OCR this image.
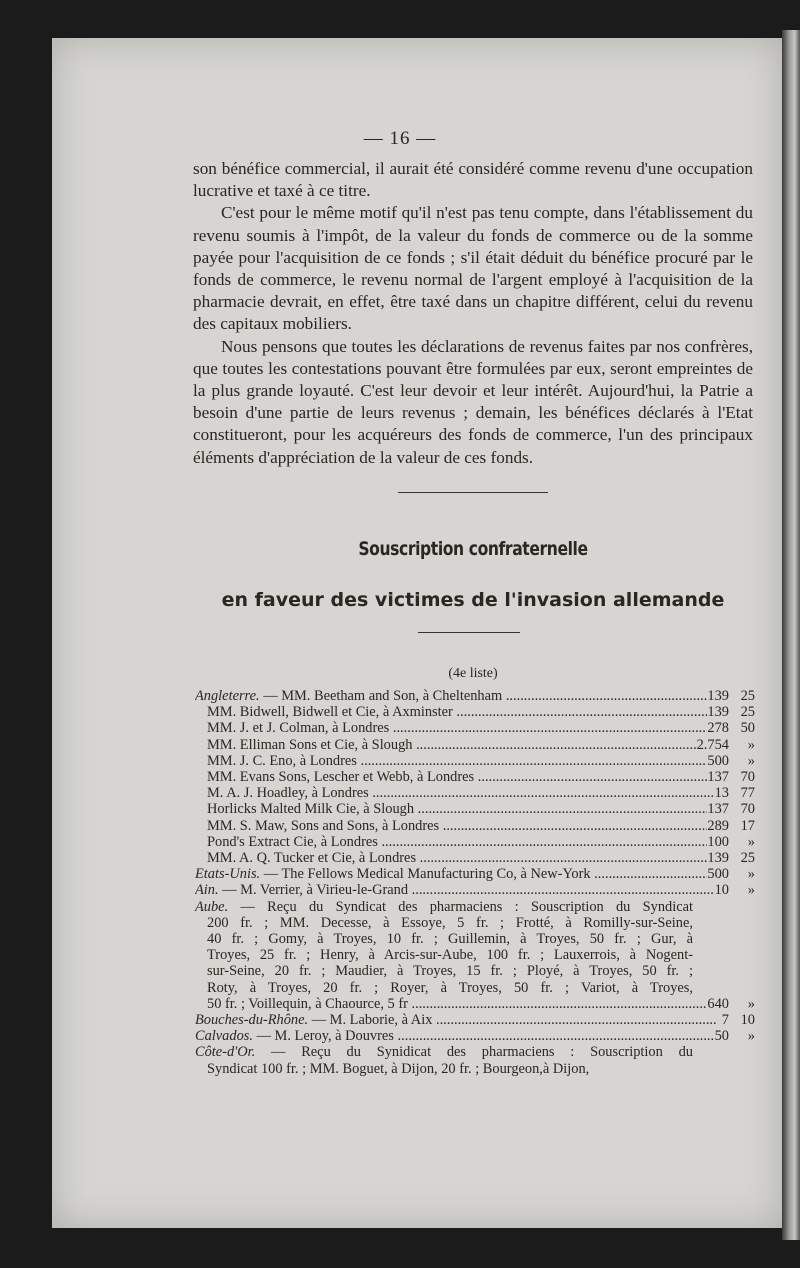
— 16 —

son bénéfice commercial, il aurait été considéré comme revenu d'une occupation lucrative et taxé à ce titre.

C'est pour le même motif qu'il n'est pas tenu compte, dans l'établissement du revenu soumis à l'impôt, de la valeur du fonds de commerce ou de la somme payée pour l'acquisition de ce fonds ; s'il était déduit du bénéfice procuré par le fonds de commerce, le revenu normal de l'argent employé à l'acquisition de la pharmacie devrait, en effet, être taxé dans un chapitre différent, celui du revenu des capitaux mobiliers.

Nous pensons que toutes les déclarations de revenus faites par nos confrères, que toutes les contestations pouvant être formulées par eux, seront empreintes de la plus grande loyauté. C'est leur devoir et leur intérêt. Aujourd'hui, la Patrie a besoin d'une partie de leurs revenus ; demain, les bénéfices déclarés à l'Etat constitueront, pour les acquéreurs des fonds de commerce, l'un des principaux éléments d'appréciation de la valeur de ces fonds.

Souscription confraternelle
en faveur des victimes de l'invasion allemande
(4e liste)
Angleterre. — MM. Beetham and Son, à Cheltenham .....	139 25
MM. Bidwell, Bidwell et Cie, à Axminster .....	139 25
MM. J. et J. Colman, à Londres .....	278 50
MM. Elliman Sons et Cie, à Slough .....	2.754 »
MM. J. C. Eno, à Londres .....	500 »
MM. Evans Sons, Lescher et Webb, à Londres .....	137 70
M. A. J. Hoadley, à Londres .....	13 77
Horlicks Malted Milk Cie, à Slough .....	137 70
MM. S. Maw, Sons and Sons, à Londres .....	289 17
Pond's Extract Cie, à Londres .....	100 »
MM. A. Q. Tucker et Cie, à Londres .....	139 25
Etats-Unis. — The Fellows Medical Manufacturing Co, à New-York .....	500 »
Ain. — M. Verrier, à Virieu-le-Grand .....	10 »
Aube. — Reçu du Syndicat des pharmaciens : Souscription du Syndicat
200 fr. ; MM. Decesse, à Essoye, 5 fr. ; Frotté, à Romilly-sur-Seine,
40 fr. ; Gomy, à Troyes, 10 fr. ; Guillemin, à Troyes, 50 fr. ; Gur, à
Troyes, 25 fr. ; Henry, à Arcis-sur-Aube, 100 fr. ; Lauxerrois, à Nogent-
sur-Seine, 20 fr. ; Maudier, à Troyes, 15 fr. ; Ployé, à Troyes, 50 fr. ;
Roty, à Troyes, 20 fr. ; Royer, à Troyes, 50 fr. ; Variot, à Troyes,
50 fr. ; Voillequin, à Chaource, 5 fr .....	640 »
Bouches-du-Rhône. — M. Laborie, à Aix .....	7 10
Calvados. — M. Leroy, à Douvres .....	50 »
Côte-d'Or. — Reçu du Synidicat des pharmaciens : Souscription du
Syndicat 100 fr. ; MM. Boguet, à Dijon, 20 fr. ; Bourgeon,à Dijon,
